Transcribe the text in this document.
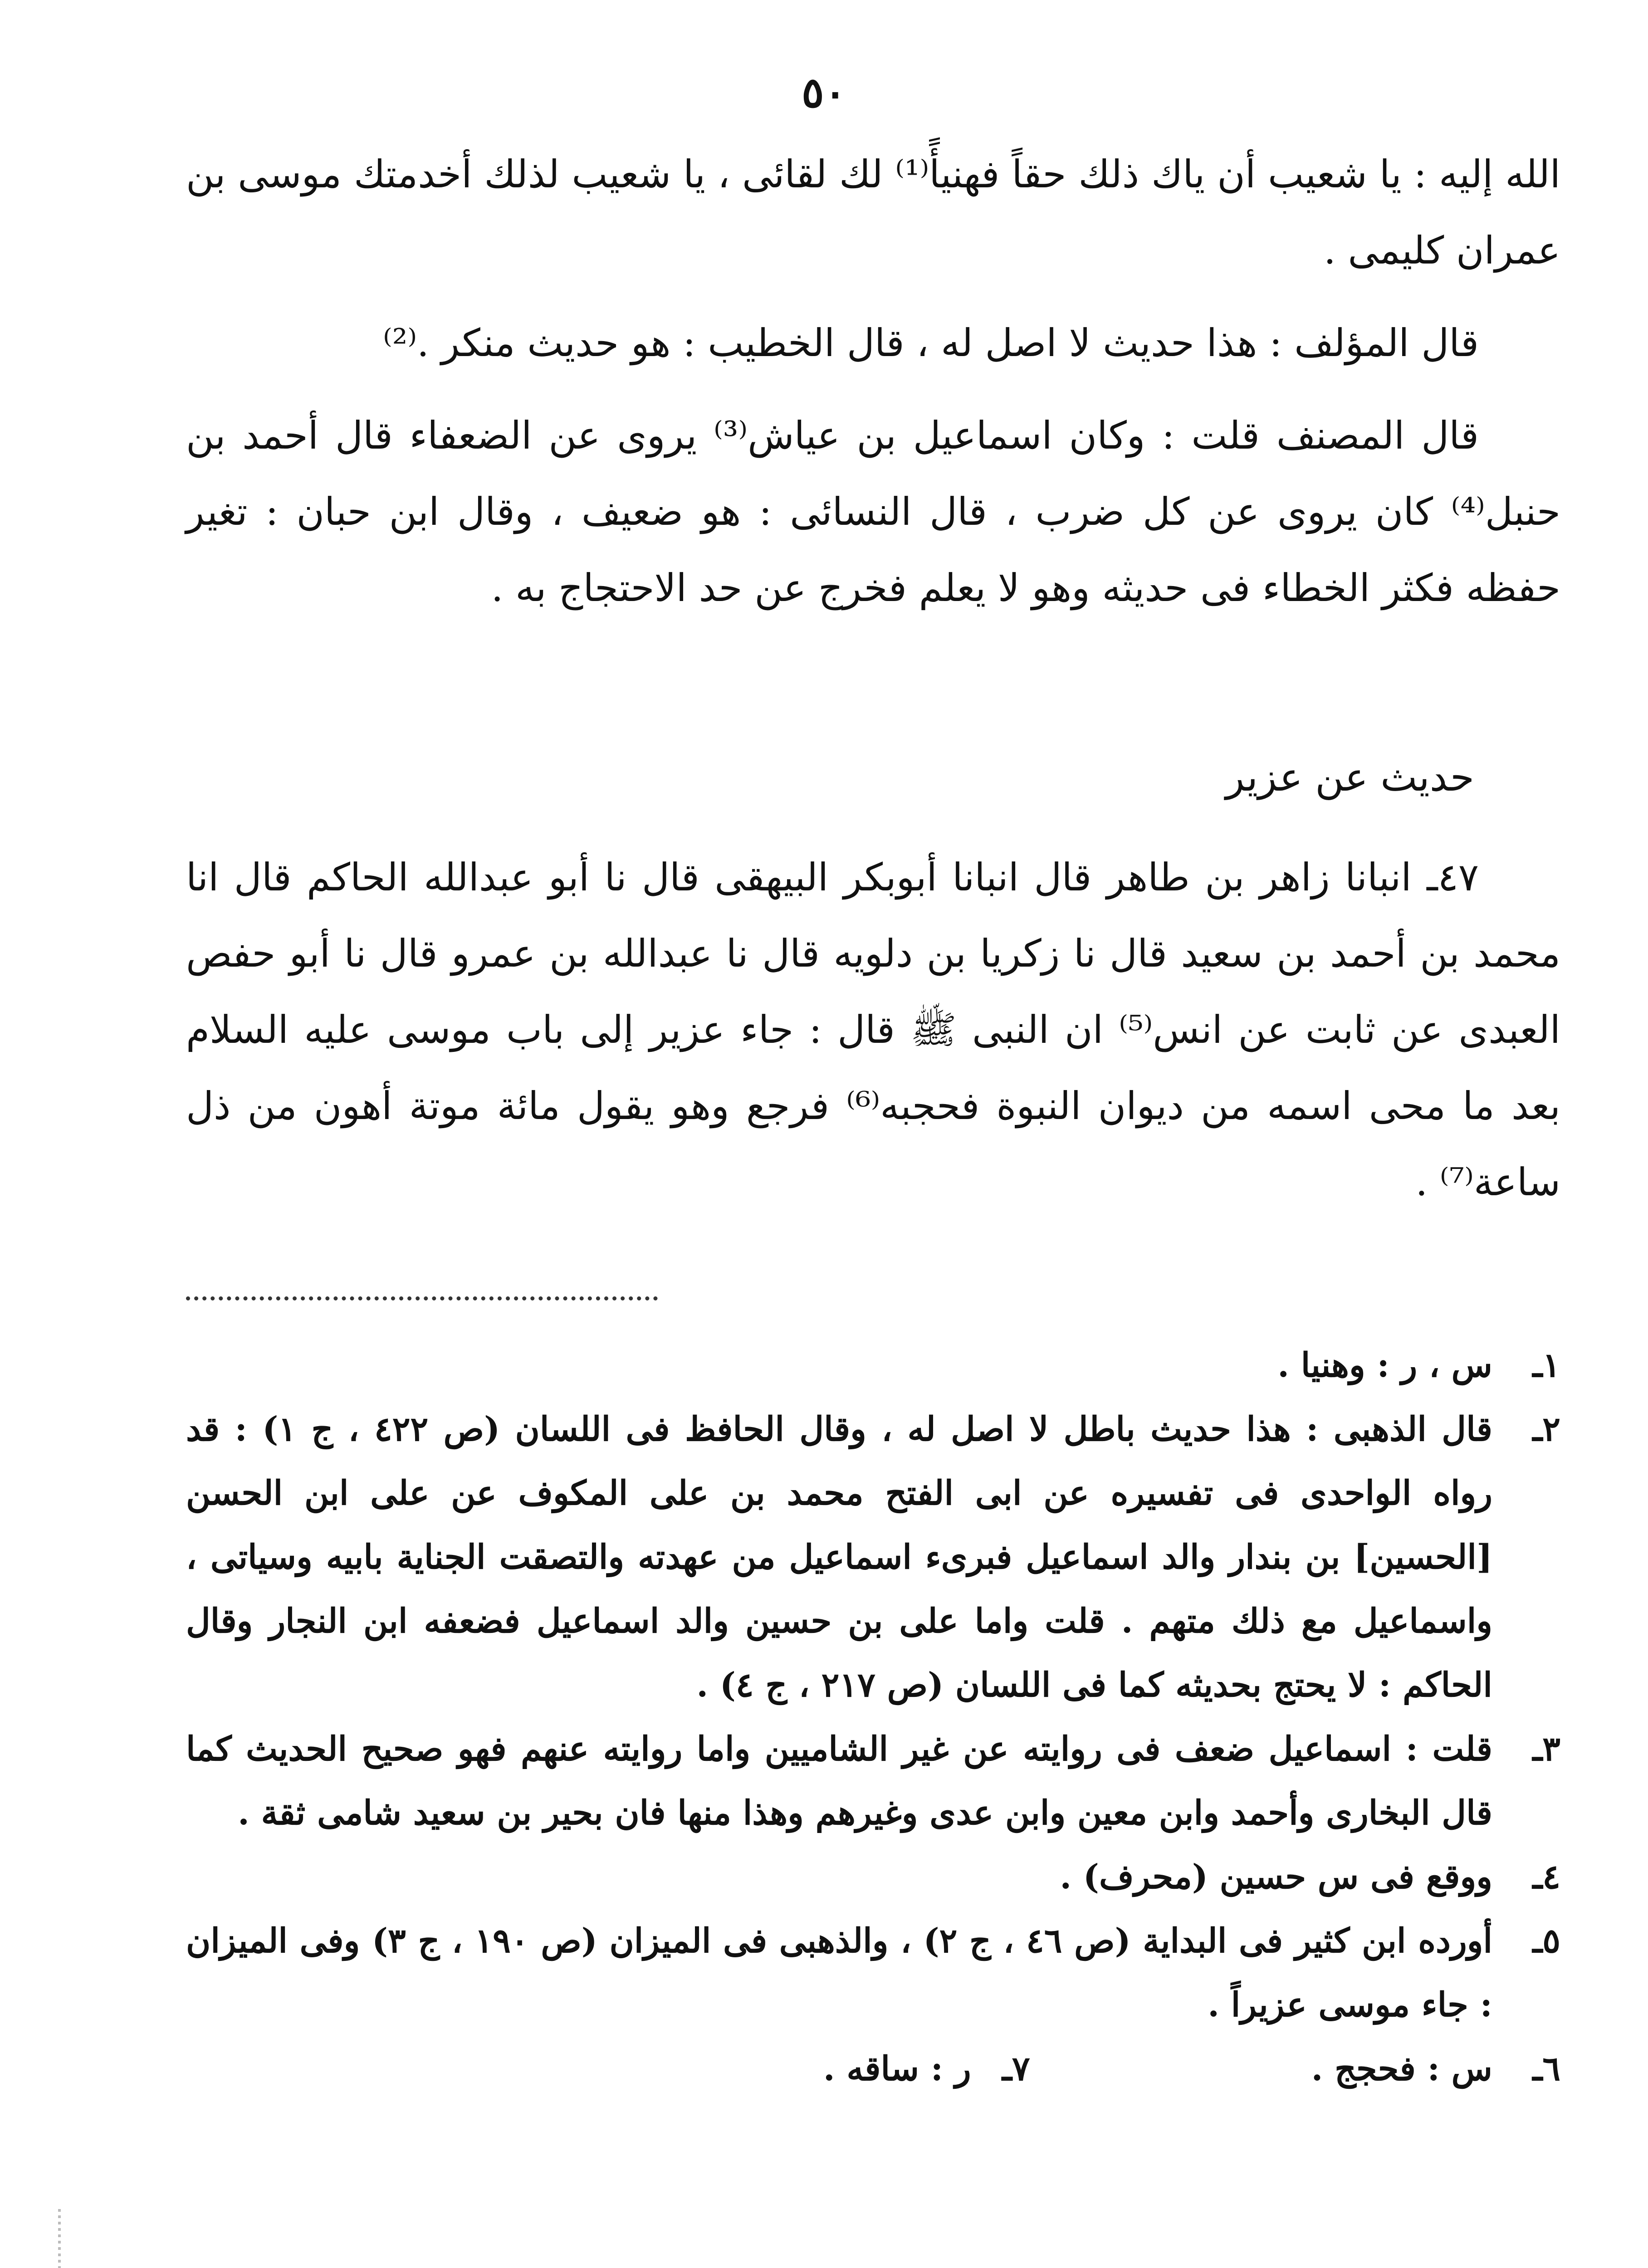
٥٠

الله إليه : يا شعيب أن ياك ذلك حقاً فهنيأً⁽¹⁾ لك لقائى ، يا شعيب لذلك أخدمتك موسى بن عمران كليمى .

قال المؤلف : هذا حديث لا اصل له ، قال الخطيب : هو حديث منكر .⁽²⁾

قال المصنف قلت : وكان اسماعيل بن عياش⁽³⁾ يروى عن الضعفاء قال أحمد بن حنبل⁽⁴⁾ كان يروى عن كل ضرب ، قال النسائى : هو ضعيف ، وقال ابن حبان : تغير حفظه فكثر الخطاء فى حديثه وهو لا يعلم فخرج عن حد الاحتجاج به .

حديث عن عزير

٤٧ـ انبانا زاهر بن طاهر قال انبانا أبوبكر البيهقى قال نا أبو عبدالله الحاكم قال انا محمد بن أحمد بن سعيد قال نا زكريا بن دلويه قال نا عبدالله بن عمرو قال نا أبو حفص العبدى عن ثابت عن انس⁽⁵⁾ ان النبى ﷺ قال : جاء عزير إلى باب موسى عليه السلام بعد ما محى اسمه من ديوان النبوة فحجبه⁽⁶⁾ فرجع وهو يقول مائة موتة أهون من ذل ساعة⁽⁷⁾ .

١ـ
س ، ر : وهنيا .
٢ـ
قال الذهبى : هذا حديث باطل لا اصل له ، وقال الحافظ فى اللسان (ص ٤٢٢ ، ج ١) : قد رواه الواحدى فى تفسيره عن ابى الفتح محمد بن على المكوف عن على ابن الحسن [الحسين] بن بندار والد اسماعيل فبرىء اسماعيل من عهدته والتصقت الجناية بابيه وسياتى ، واسماعيل مع ذلك متهم . قلت واما على بن حسين والد اسماعيل فضعفه ابن النجار وقال الحاكم : لا يحتج بحديثه كما فى اللسان (ص ٢١٧ ، ج ٤) .
٣ـ
قلت : اسماعيل ضعف فى روايته عن غير الشاميين واما روايته عنهم فهو صحيح الحديث كما قال البخارى وأحمد وابن معين وابن عدى وغيرهم وهذا منها فان بحير بن سعيد شامى ثقة .
٤ـ
ووقع فى س حسين (محرف) .
٥ـ
أورده ابن كثير فى البداية (ص ٤٦ ، ج ٢) ، والذهبى فى الميزان (ص ١٩٠ ، ج ٣) وفى الميزان : جاء موسى عزيراً .
٦ـ
س : فحجج .
٧ـ
ر : ساقه .
